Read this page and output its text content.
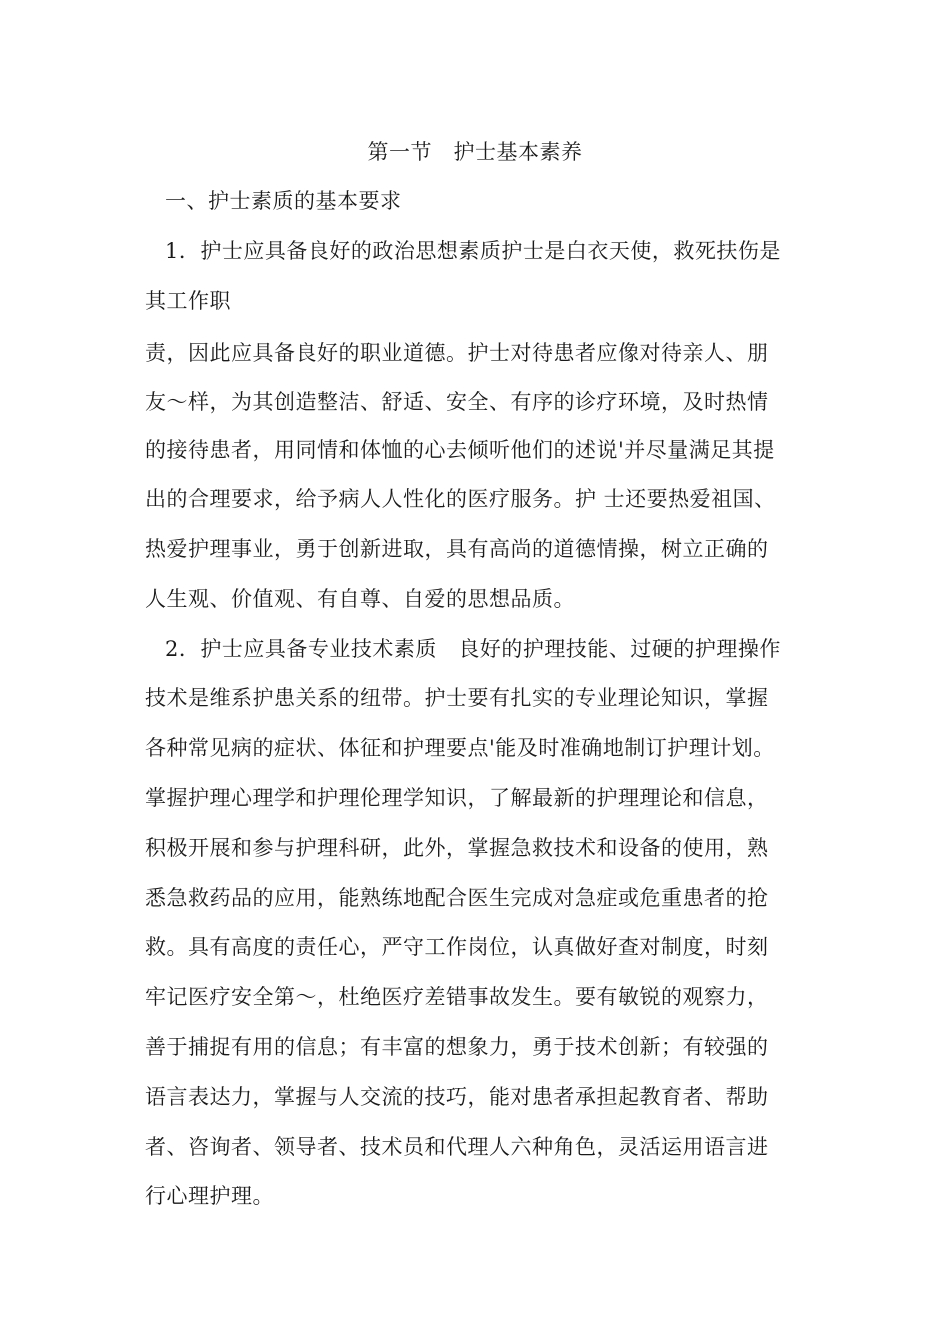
第一节　护士基本素养
一、护士素质的基本要求
1．护士应具备良好的政治思想素质护士是白衣天使，救死扶伤是
其工作职
责，因此应具备良好的职业道德。护士对待患者应像对待亲人、朋
友～样，为其创造整洁、舒适、安全、有序的诊疗环境，及时热情
的接待患者，用同情和体恤的心去倾听他们的述说'并尽量满足其提
出的合理要求，给予病人人性化的医疗服务。护 士还要热爱祖国、
热爱护理事业，勇于创新进取，具有高尚的道德情操，树立正确的
人生观、价值观、有自尊、自爱的思想品质。
2．护士应具备专业技术素质　良好的护理技能、过硬的护理操作
技术是维系护患关系的纽带。护士要有扎实的专业理论知识，掌握
各种常见病的症状、体征和护理要点'能及时准确地制订护理计划。
掌握护理心理学和护理伦理学知识，了解最新的护理理论和信息，
积极开展和参与护理科研，此外，掌握急救技术和设备的使用，熟
悉急救药品的应用，能熟练地配合医生完成对急症或危重患者的抢
救。具有高度的责任心，严守工作岗位，认真做好查对制度，时刻
牢记医疗安全第～，杜绝医疗差错事故发生。要有敏锐的观察力，
善于捕捉有用的信息；有丰富的想象力，勇于技术创新；有较强的
语言表达力，掌握与人交流的技巧，能对患者承担起教育者、帮助
者、咨询者、领导者、技术员和代理人六种角色，灵活运用语言进
行心理护理。
